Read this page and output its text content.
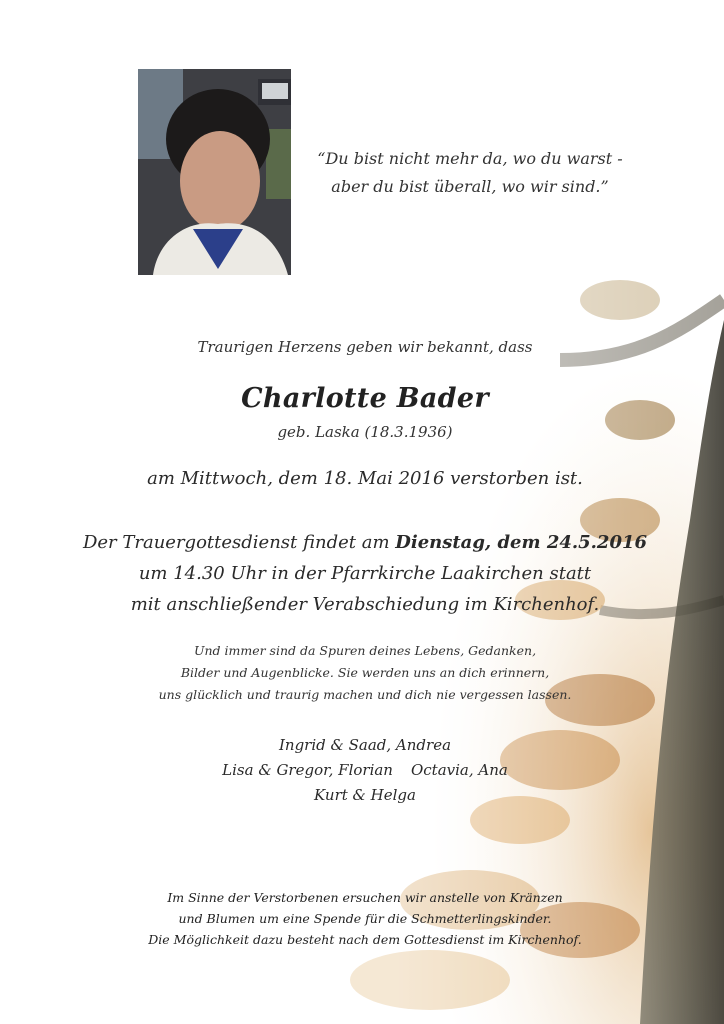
“Du bist nicht mehr da, wo du warst -
aber du bist überall, wo wir sind.”
Traurigen Herzens geben wir bekannt, dass
Charlotte Bader
geb. Laska (18.3.1936)
am Mittwoch, dem 18. Mai 2016 verstorben ist.
Der Trauergottesdienst findet am Dienstag, dem 24.5.2016
um 14.30 Uhr in der Pfarrkirche Laakirchen statt
mit anschließender Verabschiedung im Kirchenhof.
Und immer sind da Spuren deines Lebens, Gedanken,
Bilder und Augenblicke. Sie werden uns an dich erinnern,
uns glücklich und traurig machen und dich nie vergessen lassen.
Ingrid & Saad, Andrea
Lisa & Gregor, Florian Octavia, Ana
Kurt & Helga
Im Sinne der Verstorbenen ersuchen wir anstelle von Kränzen
und Blumen um eine Spende für die Schmetterlingskinder.
Die Möglichkeit dazu besteht nach dem Gottesdienst im Kirchenhof.
